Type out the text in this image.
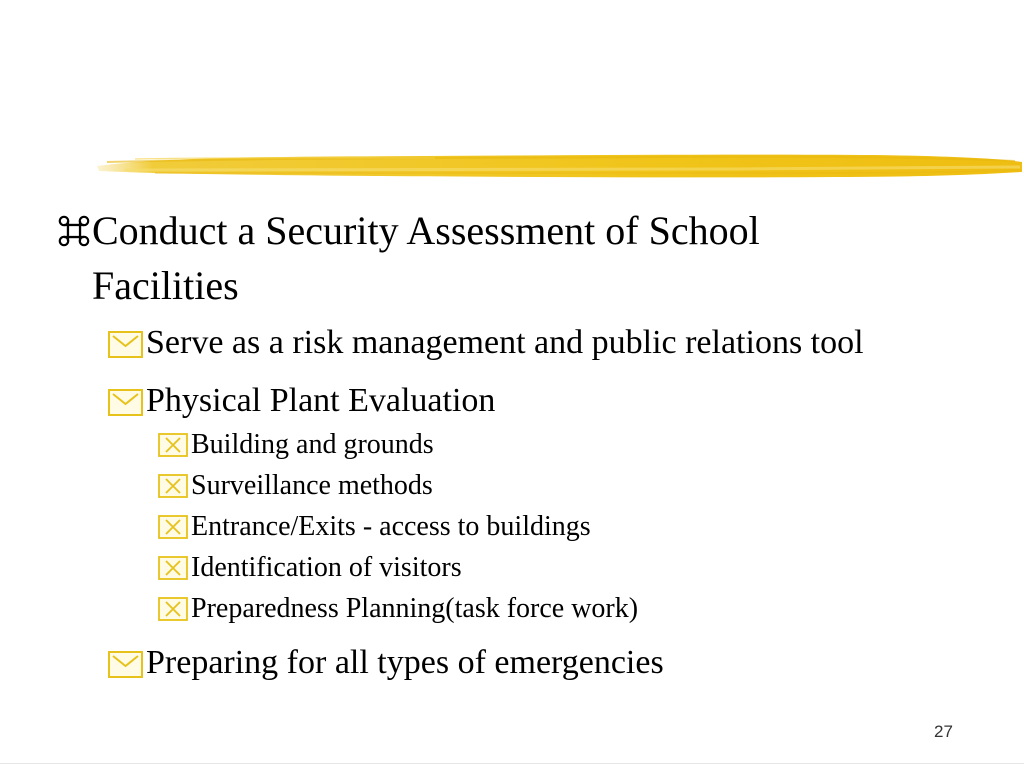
Conduct a Security Assessment of School
Facilities
Serve as a risk management and public relations tool
Physical Plant Evaluation
Building and grounds
Surveillance methods
Entrance/Exits - access to buildings
Identification of visitors
Preparedness Planning(task force work)
Preparing for all types of emergencies
27
